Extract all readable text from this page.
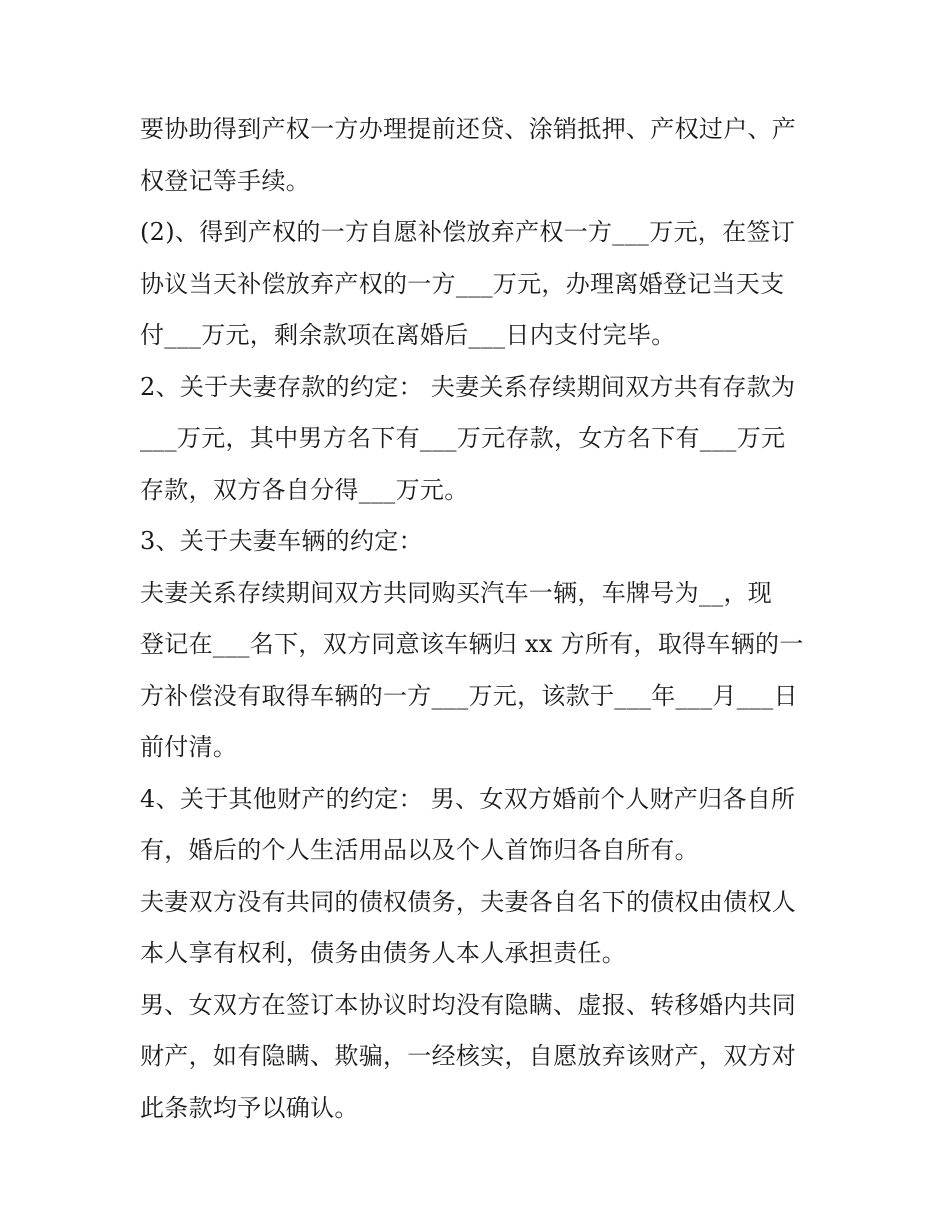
要协助得到产权一方办理提前还贷、涂销抵押、产权过户、产
权登记等手续。

(2)、得到产权的一方自愿补偿放弃产权一方___万元，在签订
协议当天补偿放弃产权的一方___万元，办理离婚登记当天支
付___万元，剩余款项在离婚后___日内支付完毕。

2、关于夫妻存款的约定： 夫妻关系存续期间双方共有存款为
___万元，其中男方名下有___万元存款，女方名下有___万元
存款，双方各自分得___万元。

3、关于夫妻车辆的约定：

夫妻关系存续期间双方共同购买汽车一辆，车牌号为__，现
登记在___名下，双方同意该车辆归 xx 方所有，取得车辆的一
方补偿没有取得车辆的一方___万元，该款于___年___月___日
前付清。

4、关于其他财产的约定： 男、女双方婚前个人财产归各自所
有，婚后的个人生活用品以及个人首饰归各自所有。

夫妻双方没有共同的债权债务，夫妻各自名下的债权由债权人
本人享有权利，债务由债务人本人承担责任。

男、女双方在签订本协议时均没有隐瞒、虚报、转移婚内共同
财产，如有隐瞒、欺骗，一经核实，自愿放弃该财产，双方对
此条款均予以确认。
